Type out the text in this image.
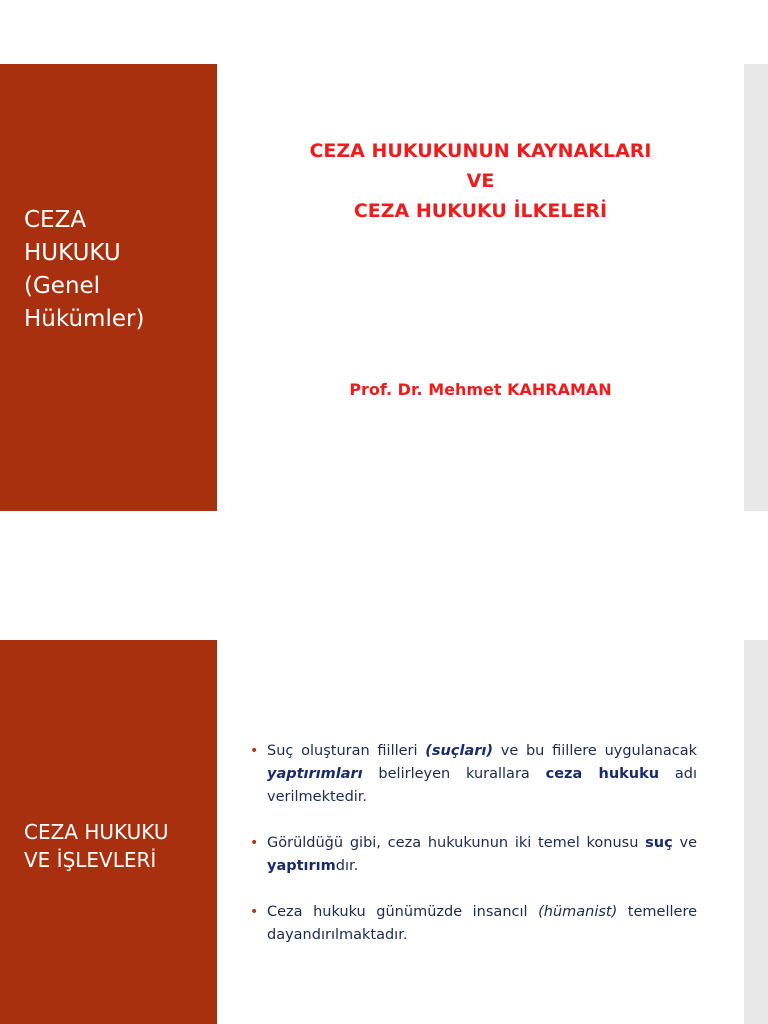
CEZA
HUKUKU
(Genel
Hükümler)
CEZA HUKUKUNUN KAYNAKLARI
VE
CEZA HUKUKU İLKELERİ
Prof. Dr. Mehmet KAHRAMAN
CEZA HUKUKU
VE İŞLEVLERİ
• Suç oluşturan fiilleri (suçları) ve bu fiillere uygulanacak yaptırımları belirleyen kurallara ceza hukuku adı verilmektedir.
• Görüldüğü gibi, ceza hukukunun iki temel konusu suç ve yaptırımdır.
• Ceza hukuku günümüzde insancıl (hümanist) temellere dayandırılmaktadır.
